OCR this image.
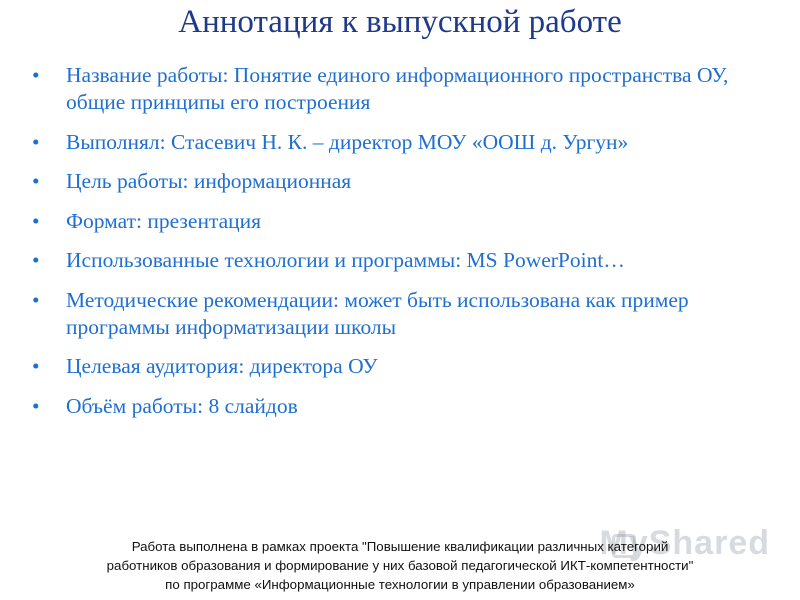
Аннотация к выпускной работе
•	Название работы: Понятие единого информационного пространства ОУ, общие принципы его построения
•	Выполнял: Стасевич Н. К. – директор МОУ «ООШ д. Ургун»
•	Цель работы: информационная
•	Формат: презентация
•	Использованные технологии и программы: MS PowerPoint…
•	Методические рекомендации: может быть использована как пример программы информатизации школы
•	Целевая аудитория: директора ОУ
•	Объём работы: 8 слайдов
MyShared
Работа выполнена в рамках проекта "Повышение квалификации различных категорий
работников образования и формирование у них базовой педагогической ИКТ-компетентности"
по программе «Информационные технологии в управлении образованием»
